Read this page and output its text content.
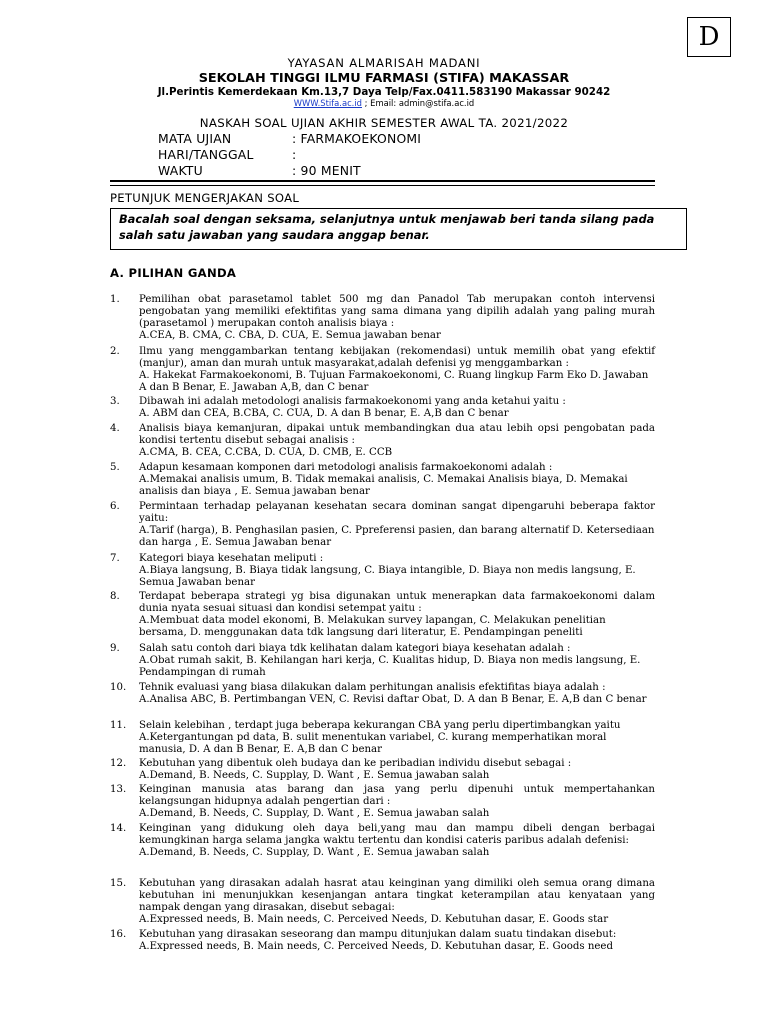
D
YAYASAN ALMARISAH MADANI
SEKOLAH TINGGI ILMU FARMASI (STIFA) MAKASSAR
Jl.Perintis Kemerdekaan Km.13,7 Daya Telp/Fax.0411.583190 Makassar 90242
WWW.Stifa.ac.id ; Email: admin@stifa.ac.id
NASKAH SOAL UJIAN AKHIR SEMESTER AWAL TA. 2021/2022
MATA UJIAN	: FARMAKOEKONOMI
HARI/TANGGAL	:
WAKTU	: 90 MENIT
PETUNJUK MENGERJAKAN SOAL
Bacalah soal dengan seksama, selanjutnya untuk menjawab beri tanda silang pada salah satu jawaban yang saudara anggap benar.
A. PILIHAN GANDA
1.	Pemilihan obat parasetamol tablet 500 mg dan Panadol Tab merupakan contoh intervensi pengobatan yang memiliki efektifitas yang sama dimana yang dipilih adalah yang paling murah (parasetamol ) merupakan contoh analisis biaya :
A.CEA, B. CMA, C. CBA, D. CUA, E. Semua jawaban benar
2.	Ilmu yang menggambarkan tentang kebijakan (rekomendasi) untuk memilih obat yang efektif (manjur), aman dan murah untuk masyarakat,adalah defenisi yg menggambarkan :
A. Hakekat Farmakoekonomi, B. Tujuan Farmakoekonomi, C. Ruang lingkup Farm Eko D. Jawaban A dan B Benar, E. Jawaban A,B, dan C benar
3.	Dibawah ini adalah metodologi analisis farmakoekonomi yang anda ketahui yaitu :
A. ABM dan CEA, B.CBA, C. CUA, D. A dan B benar, E. A,B dan C benar
4.	Analisis biaya kemanjuran, dipakai untuk membandingkan dua atau lebih opsi pengobatan pada kondisi tertentu disebut sebagai analisis :
A.CMA, B. CEA, C.CBA, D. CUA, D. CMB, E. CCB
5.	Adapun kesamaan komponen dari metodologi analisis farmakoekonomi adalah :
A.Memakai analisis umum, B. Tidak memakai analisis, C. Memakai Analisis biaya, D. Memakai analisis dan biaya , E. Semua jawaban benar
6.	Permintaan terhadap pelayanan kesehatan secara dominan sangat dipengaruhi beberapa faktor yaitu:
A.Tarif (harga), B. Penghasilan pasien, C. Ppreferensi pasien, dan barang alternatif D. Ketersediaan dan harga , E. Semua Jawaban benar
7.	Kategori biaya kesehatan meliputi :
A.Biaya langsung, B. Biaya tidak langsung, C. Biaya intangible, D. Biaya non medis langsung, E. Semua Jawaban benar
8.	Terdapat beberapa strategi yg bisa digunakan untuk menerapkan data farmakoekonomi dalam dunia nyata sesuai situasi dan kondisi setempat yaitu :
A.Membuat data model ekonomi, B. Melakukan survey lapangan, C. Melakukan penelitian bersama, D. menggunakan data tdk langsung dari literatur, E. Pendampingan peneliti
9.	Salah satu contoh dari biaya tdk kelihatan dalam kategori biaya kesehatan adalah :
A.Obat rumah sakit, B. Kehilangan hari kerja, C. Kualitas hidup, D. Biaya non medis langsung, E. Pendampingan di rumah
10.	Tehnik evaluasi yang biasa dilakukan dalam perhitungan analisis efektifitas biaya adalah :
A.Analisa ABC, B. Pertimbangan VEN, C. Revisi daftar Obat, D. A dan B Benar, E. A,B dan C benar
11.	Selain kelebihan , terdapt juga beberapa kekurangan CBA yang perlu dipertimbangkan yaitu
A.Ketergantungan pd data, B. sulit menentukan variabel, C. kurang memperhatikan moral manusia, D. A dan B Benar, E. A,B dan C benar
12.	Kebutuhan yang dibentuk oleh budaya dan ke peribadian individu disebut sebagai :
A.Demand, B. Needs, C. Supplay, D. Want , E. Semua jawaban salah
13.	Keinginan manusia atas barang dan jasa yang perlu dipenuhi untuk mempertahankan kelangsungan hidupnya adalah pengertian dari :
A.Demand, B. Needs, C. Supplay, D. Want , E. Semua jawaban salah
14.	Keinginan yang didukung oleh daya beli,yang mau dan mampu dibeli dengan berbagai kemungkinan harga selama jangka waktu tertentu dan kondisi cateris paribus adalah defenisi:
A.Demand, B. Needs, C. Supplay, D. Want , E. Semua jawaban salah
15.	Kebutuhan yang dirasakan adalah hasrat atau keinginan yang dimiliki oleh semua orang dimana kebutuhan ini menunjukkan kesenjangan antara tingkat keterampilan atau kenyataan yang nampak dengan yang dirasakan, disebut sebagai:
A.Expressed needs, B. Main needs, C. Perceived Needs, D. Kebutuhan dasar, E. Goods star
16.	Kebutuhan yang dirasakan seseorang dan mampu ditunjukan dalam suatu tindakan disebut:
A.Expressed needs, B. Main needs, C. Perceived Needs, D. Kebutuhan dasar, E. Goods need
